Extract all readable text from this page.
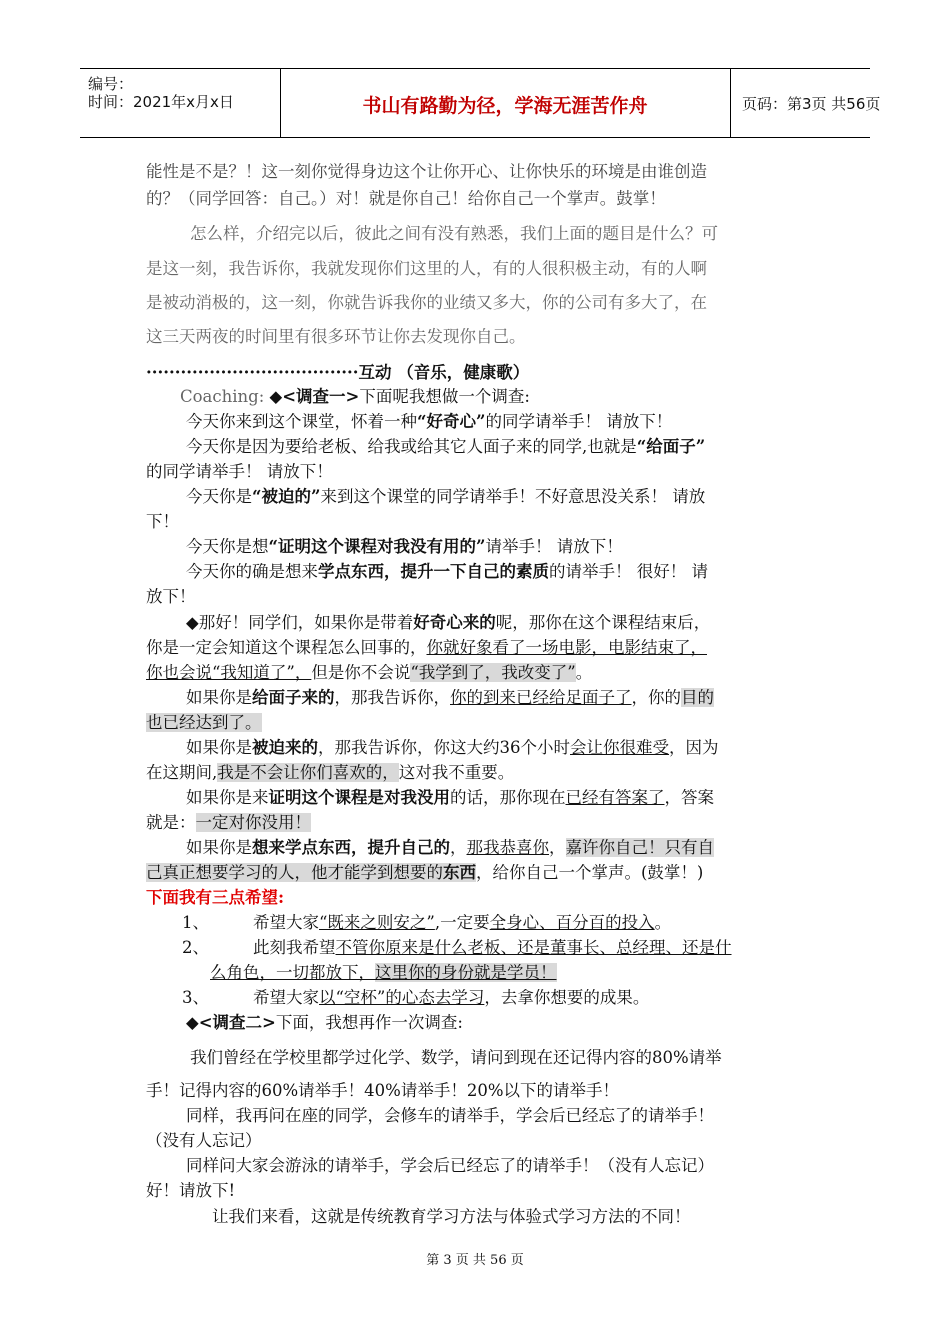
编号：
时间：2021年x月x日	书山有路勤为径，学海无涯苦作舟	页码：第3页 共56页
能性是不是？！这一刻你觉得身边这个让你开心、让你快乐的环境是由谁创造
的？（同学回答：自己。）对！就是你自己！给你自己一个掌声。鼓掌！
怎么样，介绍完以后，彼此之间有没有熟悉，我们上面的题目是什么？可
是这一刻，我告诉你，我就发现你们这里的人，有的人很积极主动，有的人啊
是被动消极的，这一刻，你就告诉我你的业绩又多大，你的公司有多大了，在
这三天两夜的时间里有很多环节让你去发现你自己。
·····································互动 （音乐，健康歌）
Coaching: ◆<调查一>下面呢我想做一个调查:
今天你来到这个课堂，怀着一种“好奇心”的同学请举手！ 请放下！
今天你是因为要给老板、给我或给其它人面子来的同学,也就是“给面子”
的同学请举手！ 请放下！
今天你是“被迫的”来到这个课堂的同学请举手！不好意思没关系！ 请放
下！
今天你是想“证明这个课程对我没有用的”请举手！ 请放下！
今天你的确是想来学点东西，提升一下自己的素质的请举手！ 很好！ 请
放下！
◆那好！同学们，如果你是带着好奇心来的呢，那你在这个课程结束后，
你是一定会知道这个课程怎么回事的，你就好象看了一场电影，电影结束了，
你也会说“我知道了”，但是你不会说“我学到了，我改变了”。
如果你是给面子来的，那我告诉你，你的到来已经给足面子了，你的目的
也已经达到了。
如果你是被迫来的，那我告诉你，你这大约36个小时会让你很难受，因为
在这期间,我是不会让你们喜欢的，这对我不重要。
如果你是来证明这个课程是对我没用的话，那你现在已经有答案了，答案
就是：一定对你没用！
如果你是想来学点东西，提升自己的，那我恭喜你，嘉许你自己！只有自
己真正想要学习的人，他才能学到想要的东西，给你自己一个掌声。(鼓掌！)
下面我有三点希望:
1、	希望大家“既来之则安之”,一定要全身心、百分百的投入。
2、	此刻我希望不管你原来是什么老板、还是董事长、总经理、还是什
么角色，一切都放下，这里你的身份就是学员！
3、	希望大家以“空杯”的心态去学习，去拿你想要的成果。
◆<调查二>下面，我想再作一次调查:
我们曾经在学校里都学过化学、数学，请问到现在还记得内容的80%请举
手！记得内容的60%请举手！40%请举手！20%以下的请举手！
同样，我再问在座的同学，会修车的请举手，学会后已经忘了的请举手！
（没有人忘记）
同样问大家会游泳的请举手，学会后已经忘了的请举手！（没有人忘记）
好！请放下!
让我们来看，这就是传统教育学习方法与体验式学习方法的不同！
第 3 页 共 56 页
